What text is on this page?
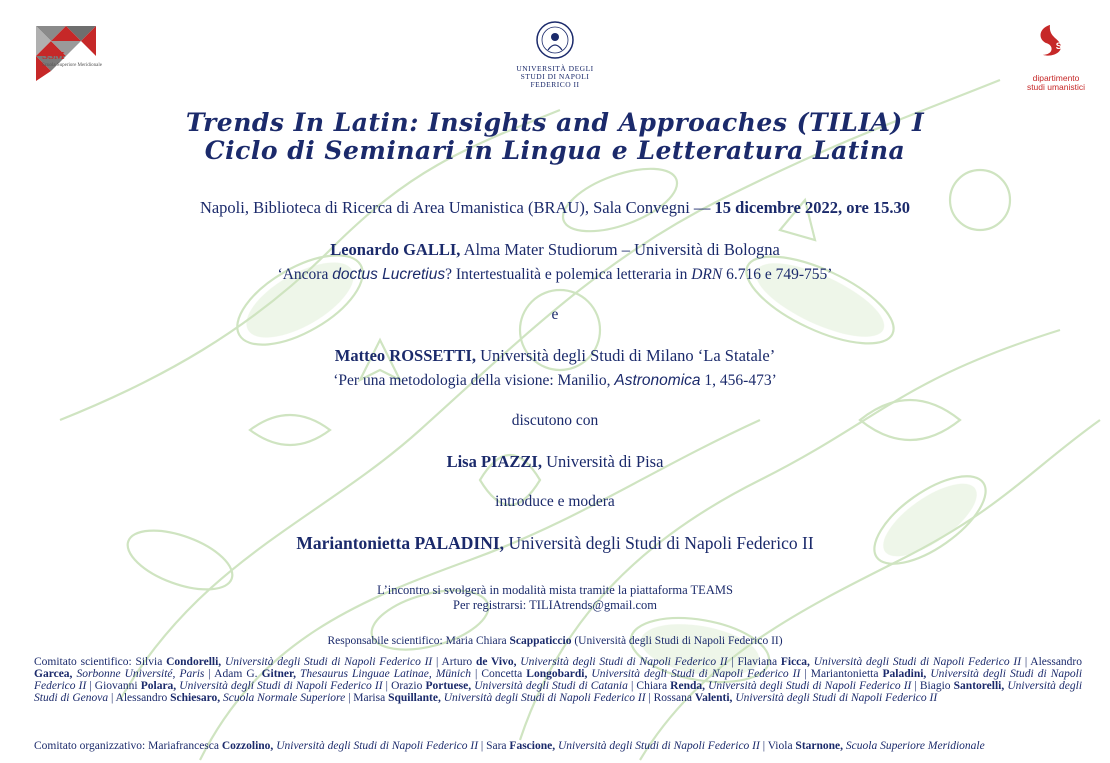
SSM
Scuola Superiore Meridionale	UNIVERSITÀ DEGLI STUDI DI NAPOLI FEDERICO II
SU
dipartimento
studi umanistici
Trends In Latin: Insights and Approaches (TILIA) I
Ciclo di Seminari in Lingua e Letteratura Latina
Napoli, Biblioteca di Ricerca di Area Umanistica (BRAU), Sala Convegni — 15 dicembre 2022, ore 15.30
Leonardo GALLI, Alma Mater Studiorum – Università di Bologna
‘Ancora doctus Lucretius? Intertestualità e polemica letteraria in DRN 6.716 e 749-755’
e
Matteo ROSSETTI, Università degli Studi di Milano ‘La Statale’
‘Per una metodologia della visione: Manilio, Astronomica 1, 456-473’
discutono con
Lisa PIAZZI, Università di Pisa
introduce e modera
Mariantonietta PALADINI, Università degli Studi di Napoli Federico II
L’incontro si svolgerà in modalità mista tramite la piattaforma TEAMS
Per registrarsi: TILIAtrends@gmail.com
Responsabile scientifico: Maria Chiara Scappaticcio (Università degli Studi di Napoli Federico II)
Comitato scientifico: Silvia Condorelli, Università degli Studi di Napoli Federico II | Arturo de Vivo, Università degli Studi di Napoli Federico II | Flaviana Ficca, Università degli Studi di Napoli Federico II | Alessandro Garcea, Sorbonne Université, Paris | Adam G. Gitner, Thesaurus Linguae Latinae, Münich | Concetta Longobardi, Università degli Studi di Napoli Federico II | Mariantonietta Paladini, Università degli Studi di Napoli Federico II | Giovanni Polara, Università degli Studi di Napoli Federico II | Orazio Portuese, Università degli Studi di Catania | Chiara Renda, Università degli Studi di Napoli Federico II | Biagio Santorelli, Università degli Studi di Genova | Alessandro Schiesaro, Scuola Normale Superiore | Marisa Squillante, Università degli Studi di Napoli Federico II | Rossana Valenti, Università degli Studi di Napoli Federico II
Comitato organizzativo: Mariafrancesca Cozzolino, Università degli Studi di Napoli Federico II | Sara Fascione, Università degli Studi di Napoli Federico II | Viola Starnone, Scuola Superiore Meridionale
